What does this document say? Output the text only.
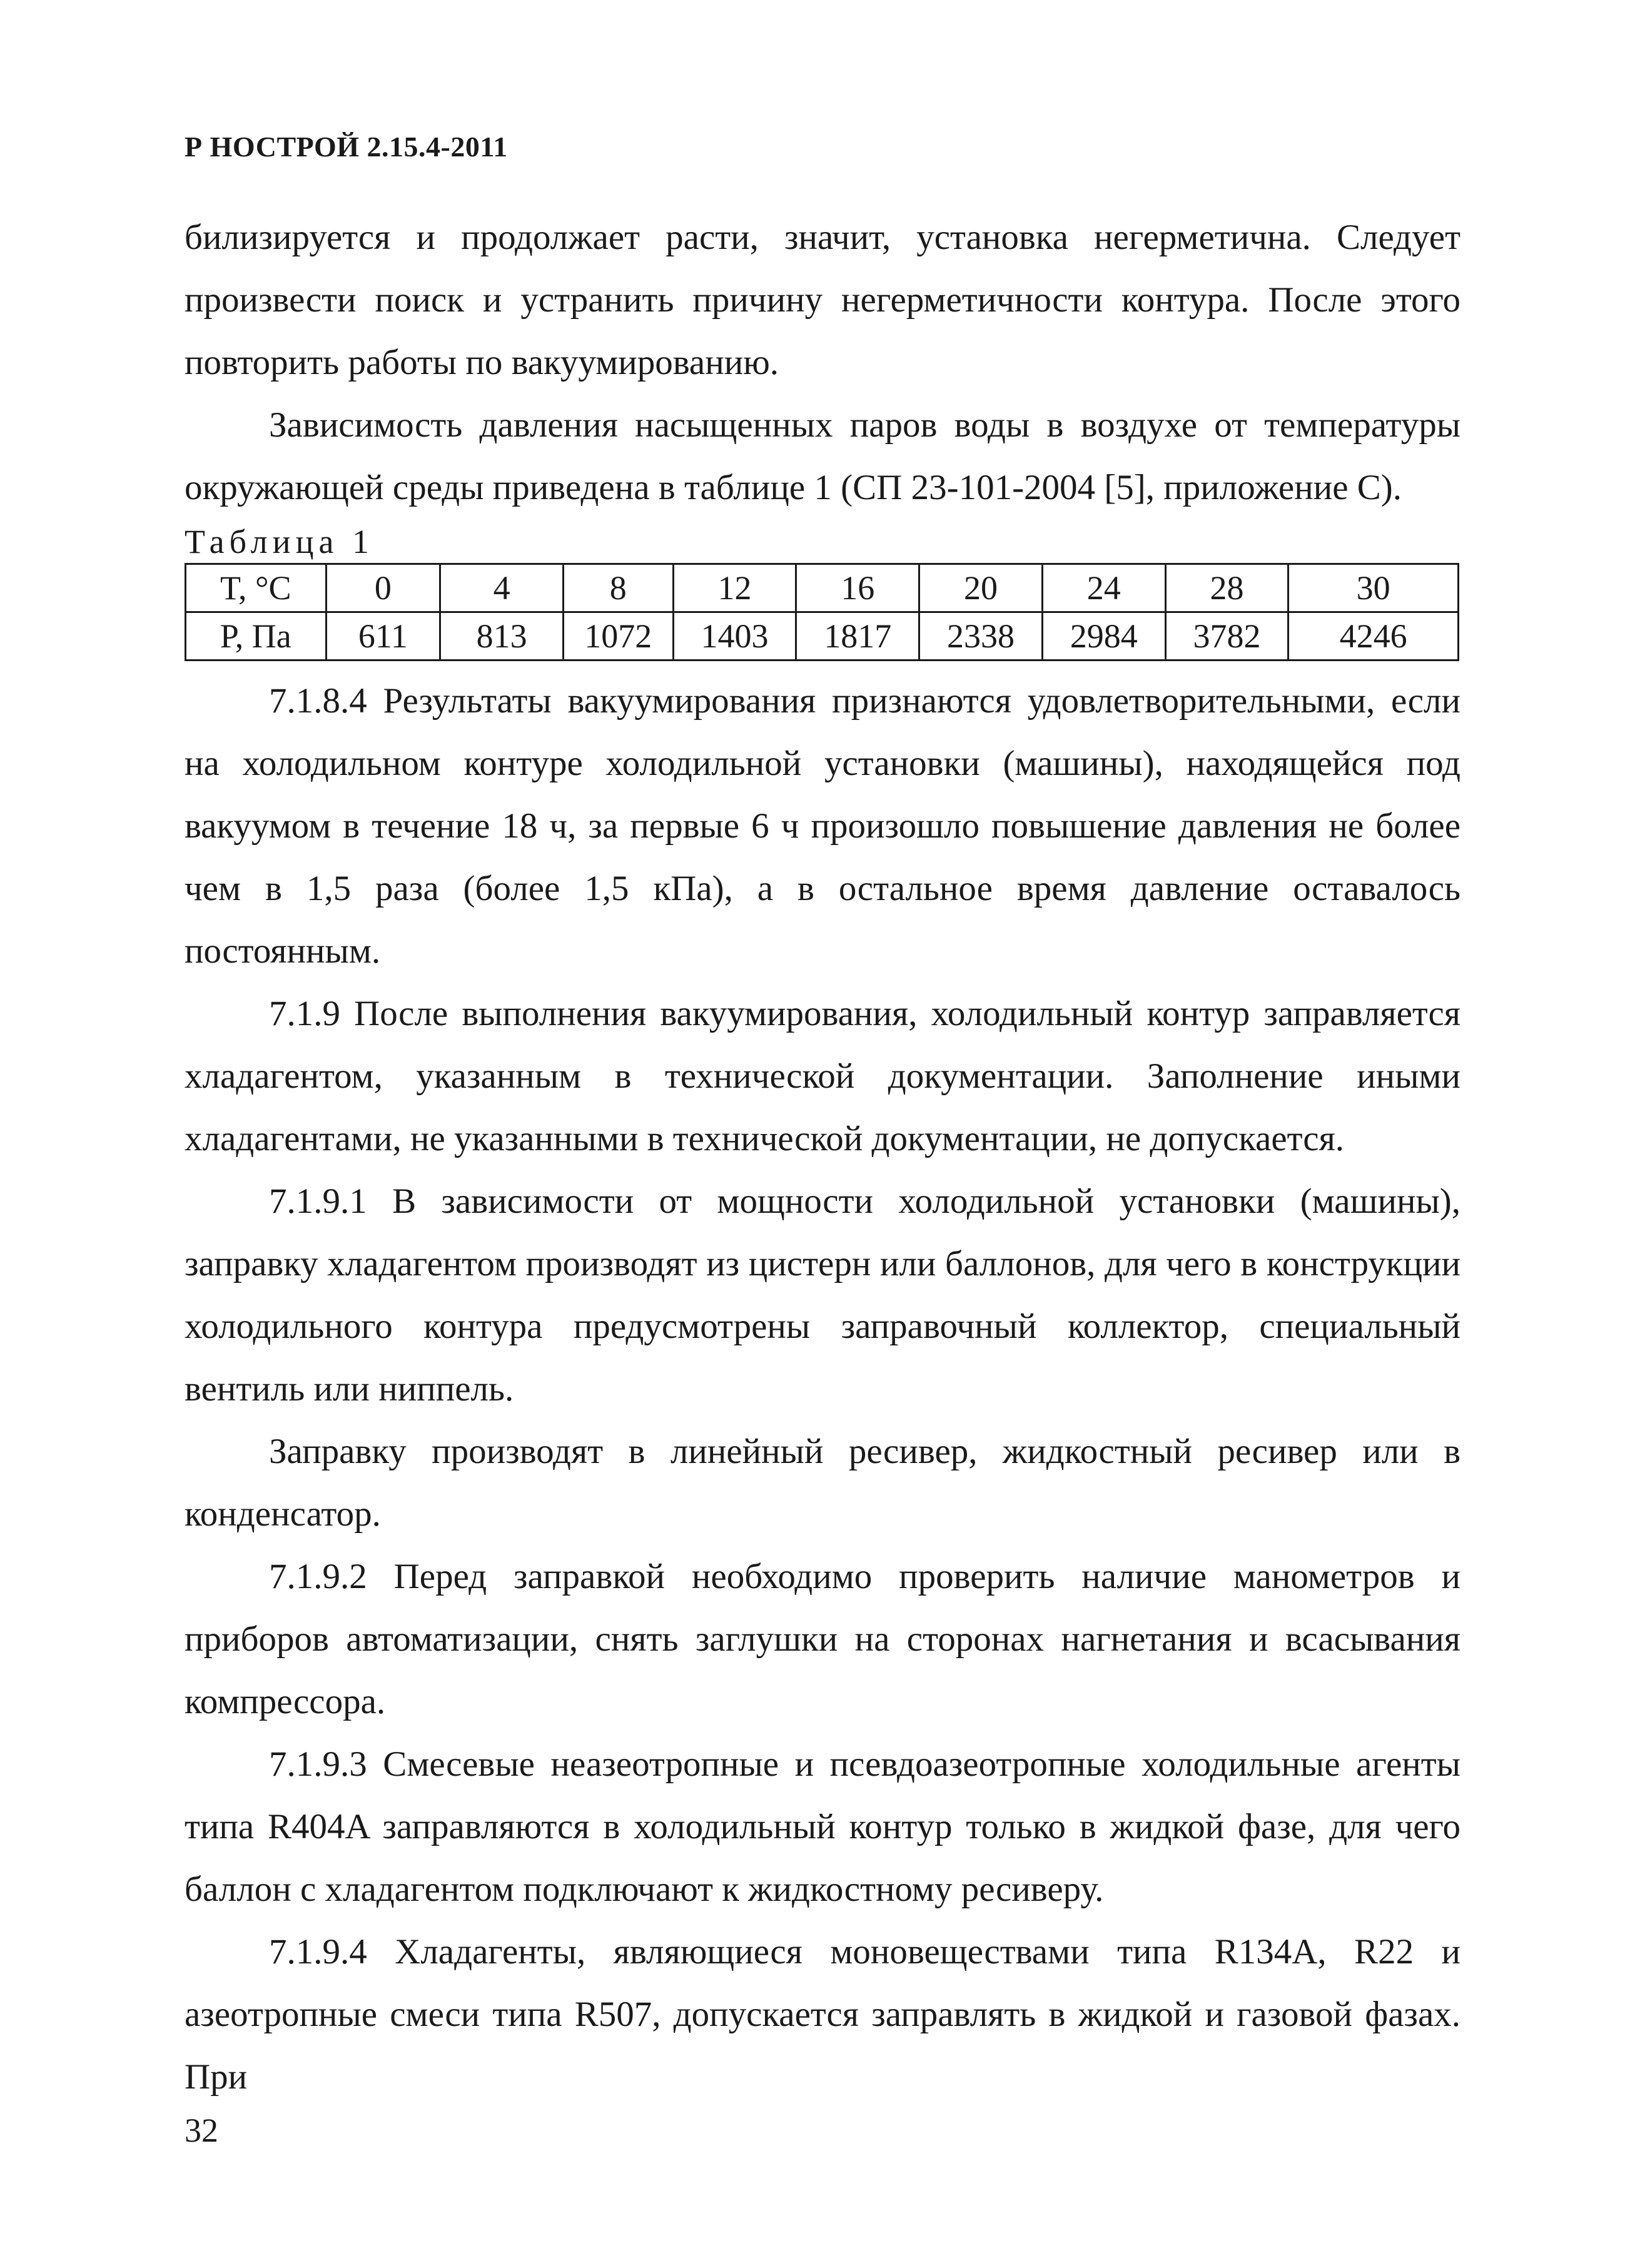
Р НОСТРОЙ 2.15.4-2011

билизируется и продолжает расти, значит, установка негерметична. Следует произвести поиск и устранить причину негерметичности контура. После этого повторить работы по вакуумированию.

Зависимость давления насыщенных паров воды в воздухе от температуры окружающей среды приведена в таблице 1 (СП 23-101-2004 [5], приложение С).

Таблица 1
T, °C	0	4	8	12	16	20	24	28	30
P, Па	611	813	1072	1403	1817	2338	2984	3782	4246

7.1.8.4 Результаты вакуумирования признаются удовлетворительными, если на холодильном контуре холодильной установки (машины), находящейся под вакуумом в течение 18 ч, за первые 6 ч произошло повышение давления не более чем в 1,5 раза (более 1,5 кПа), а в остальное время давление оставалось постоянным.

7.1.9 После выполнения вакуумирования, холодильный контур заправляется хладагентом, указанным в технической документации. Заполнение иными хладагентами, не указанными в технической документации, не допускается.

7.1.9.1 В зависимости от мощности холодильной установки (машины), заправку хладагентом производят из цистерн или баллонов, для чего в конструкции холодильного контура предусмотрены заправочный коллектор, специальный вентиль или ниппель.

Заправку производят в линейный ресивер, жидкостный ресивер или в конденсатор.

7.1.9.2 Перед заправкой необходимо проверить наличие манометров и приборов автоматизации, снять заглушки на сторонах нагнетания и всасывания компрессора.

7.1.9.3 Смесевые неазеотропные и псевдоазеотропные холодильные агенты типа R404A заправляются в холодильный контур только в жидкой фазе, для чего баллон с хладагентом подключают к жидкостному ресиверу.

7.1.9.4 Хладагенты, являющиеся моновеществами типа R134A, R22 и азеотропные смеси типа R507, допускается заправлять в жидкой и газовой фазах. При

32
